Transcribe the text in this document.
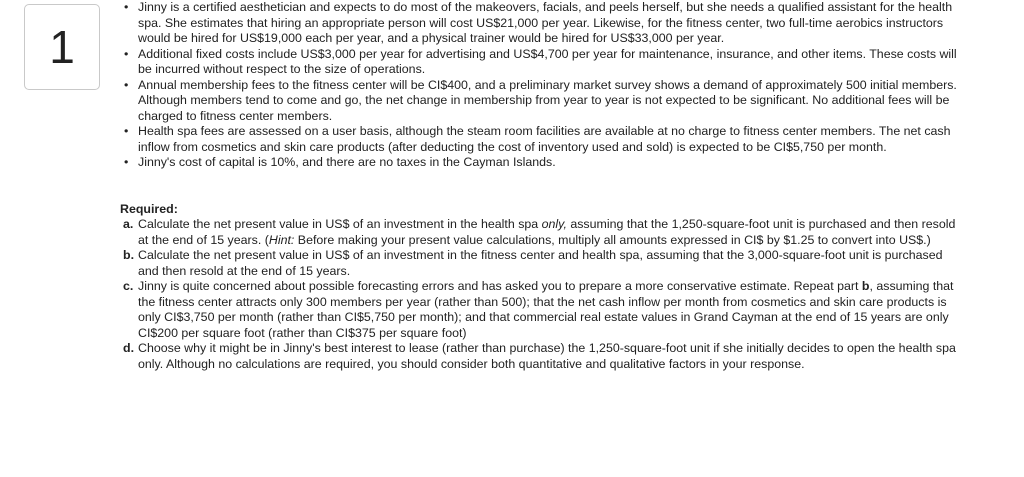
1
• Jinny is a certified aesthetician and expects to do most of the makeovers, facials, and peels herself, but she needs a qualified assistant for the health spa. She estimates that hiring an appropriate person will cost US$21,000 per year. Likewise, for the fitness center, two full-time aerobics instructors would be hired for US$19,000 each per year, and a physical trainer would be hired for US$33,000 per year.
• Additional fixed costs include US$3,000 per year for advertising and US$4,700 per year for maintenance, insurance, and other items. These costs will be incurred without respect to the size of operations.
• Annual membership fees to the fitness center will be CI$400, and a preliminary market survey shows a demand of approximately 500 initial members. Although members tend to come and go, the net change in membership from year to year is not expected to be significant. No additional fees will be charged to fitness center members.
• Health spa fees are assessed on a user basis, although the steam room facilities are available at no charge to fitness center members. The net cash inflow from cosmetics and skin care products (after deducting the cost of inventory used and sold) is expected to be CI$5,750 per month.
• Jinny's cost of capital is 10%, and there are no taxes in the Cayman Islands.
Required:
a. Calculate the net present value in US$ of an investment in the health spa only, assuming that the 1,250-square-foot unit is purchased and then resold at the end of 15 years. (Hint: Before making your present value calculations, multiply all amounts expressed in CI$ by $1.25 to convert into US$.)
b. Calculate the net present value in US$ of an investment in the fitness center and health spa, assuming that the 3,000-square-foot unit is purchased and then resold at the end of 15 years.
c. Jinny is quite concerned about possible forecasting errors and has asked you to prepare a more conservative estimate. Repeat part b, assuming that the fitness center attracts only 300 members per year (rather than 500); that the net cash inflow per month from cosmetics and skin care products is only CI$3,750 per month (rather than CI$5,750 per month); and that commercial real estate values in Grand Cayman at the end of 15 years are only CI$200 per square foot (rather than CI$375 per square foot)
d. Choose why it might be in Jinny's best interest to lease (rather than purchase) the 1,250-square-foot unit if she initially decides to open the health spa only. Although no calculations are required, you should consider both quantitative and qualitative factors in your response.
